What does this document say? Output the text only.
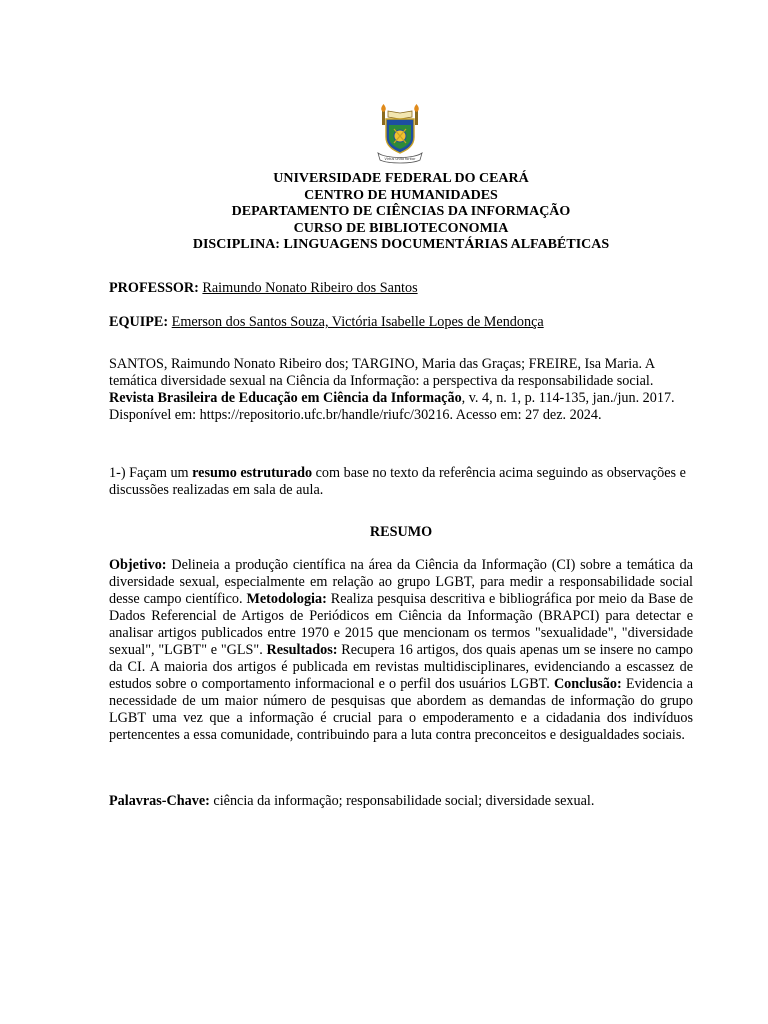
Virtus unita fortior
UNIVERSIDADE FEDERAL DO CEARÁ
CENTRO DE HUMANIDADES
DEPARTAMENTO DE CIÊNCIAS DA INFORMAÇÃO
CURSO DE BIBLIOTECONOMIA
DISCIPLINA: LINGUAGENS DOCUMENTÁRIAS ALFABÉTICAS
PROFESSOR: Raimundo Nonato Ribeiro dos Santos
EQUIPE: Emerson dos Santos Souza, Victória Isabelle Lopes de Mendonça
SANTOS, Raimundo Nonato Ribeiro dos; TARGINO, Maria das Graças; FREIRE, Isa Maria. A temática diversidade sexual na Ciência da Informação: a perspectiva da responsabilidade social. Revista Brasileira de Educação em Ciência da Informação, v. 4, n. 1, p. 114-135, jan./jun. 2017. Disponível em: https://repositorio.ufc.br/handle/riufc/30216. Acesso em: 27 dez. 2024.
1-) Façam um resumo estruturado com base no texto da referência acima seguindo as observações e discussões realizadas em sala de aula.
RESUMO
Objetivo: Delineia a produção científica na área da Ciência da Informação (CI) sobre a temática da diversidade sexual, especialmente em relação ao grupo LGBT, para medir a responsabilidade social desse campo científico. Metodologia: Realiza pesquisa descritiva e bibliográfica por meio da Base de Dados Referencial de Artigos de Periódicos em Ciência da Informação (BRAPCI) para detectar e analisar artigos publicados entre 1970 e 2015 que mencionam os termos "sexualidade", "diversidade sexual", "LGBT" e "GLS". Resultados: Recupera 16 artigos, dos quais apenas um se insere no campo da CI. A maioria dos artigos é publicada em revistas multidisciplinares, evidenciando a escassez de estudos sobre o comportamento informacional e o perfil dos usuários LGBT. Conclusão: Evidencia a necessidade de um maior número de pesquisas que abordem as demandas de informação do grupo LGBT uma vez que a informação é crucial para o empoderamento e a cidadania dos indivíduos pertencentes a essa comunidade, contribuindo para a luta contra preconceitos e desigualdades sociais.
Palavras-Chave: ciência da informação; responsabilidade social; diversidade sexual.
